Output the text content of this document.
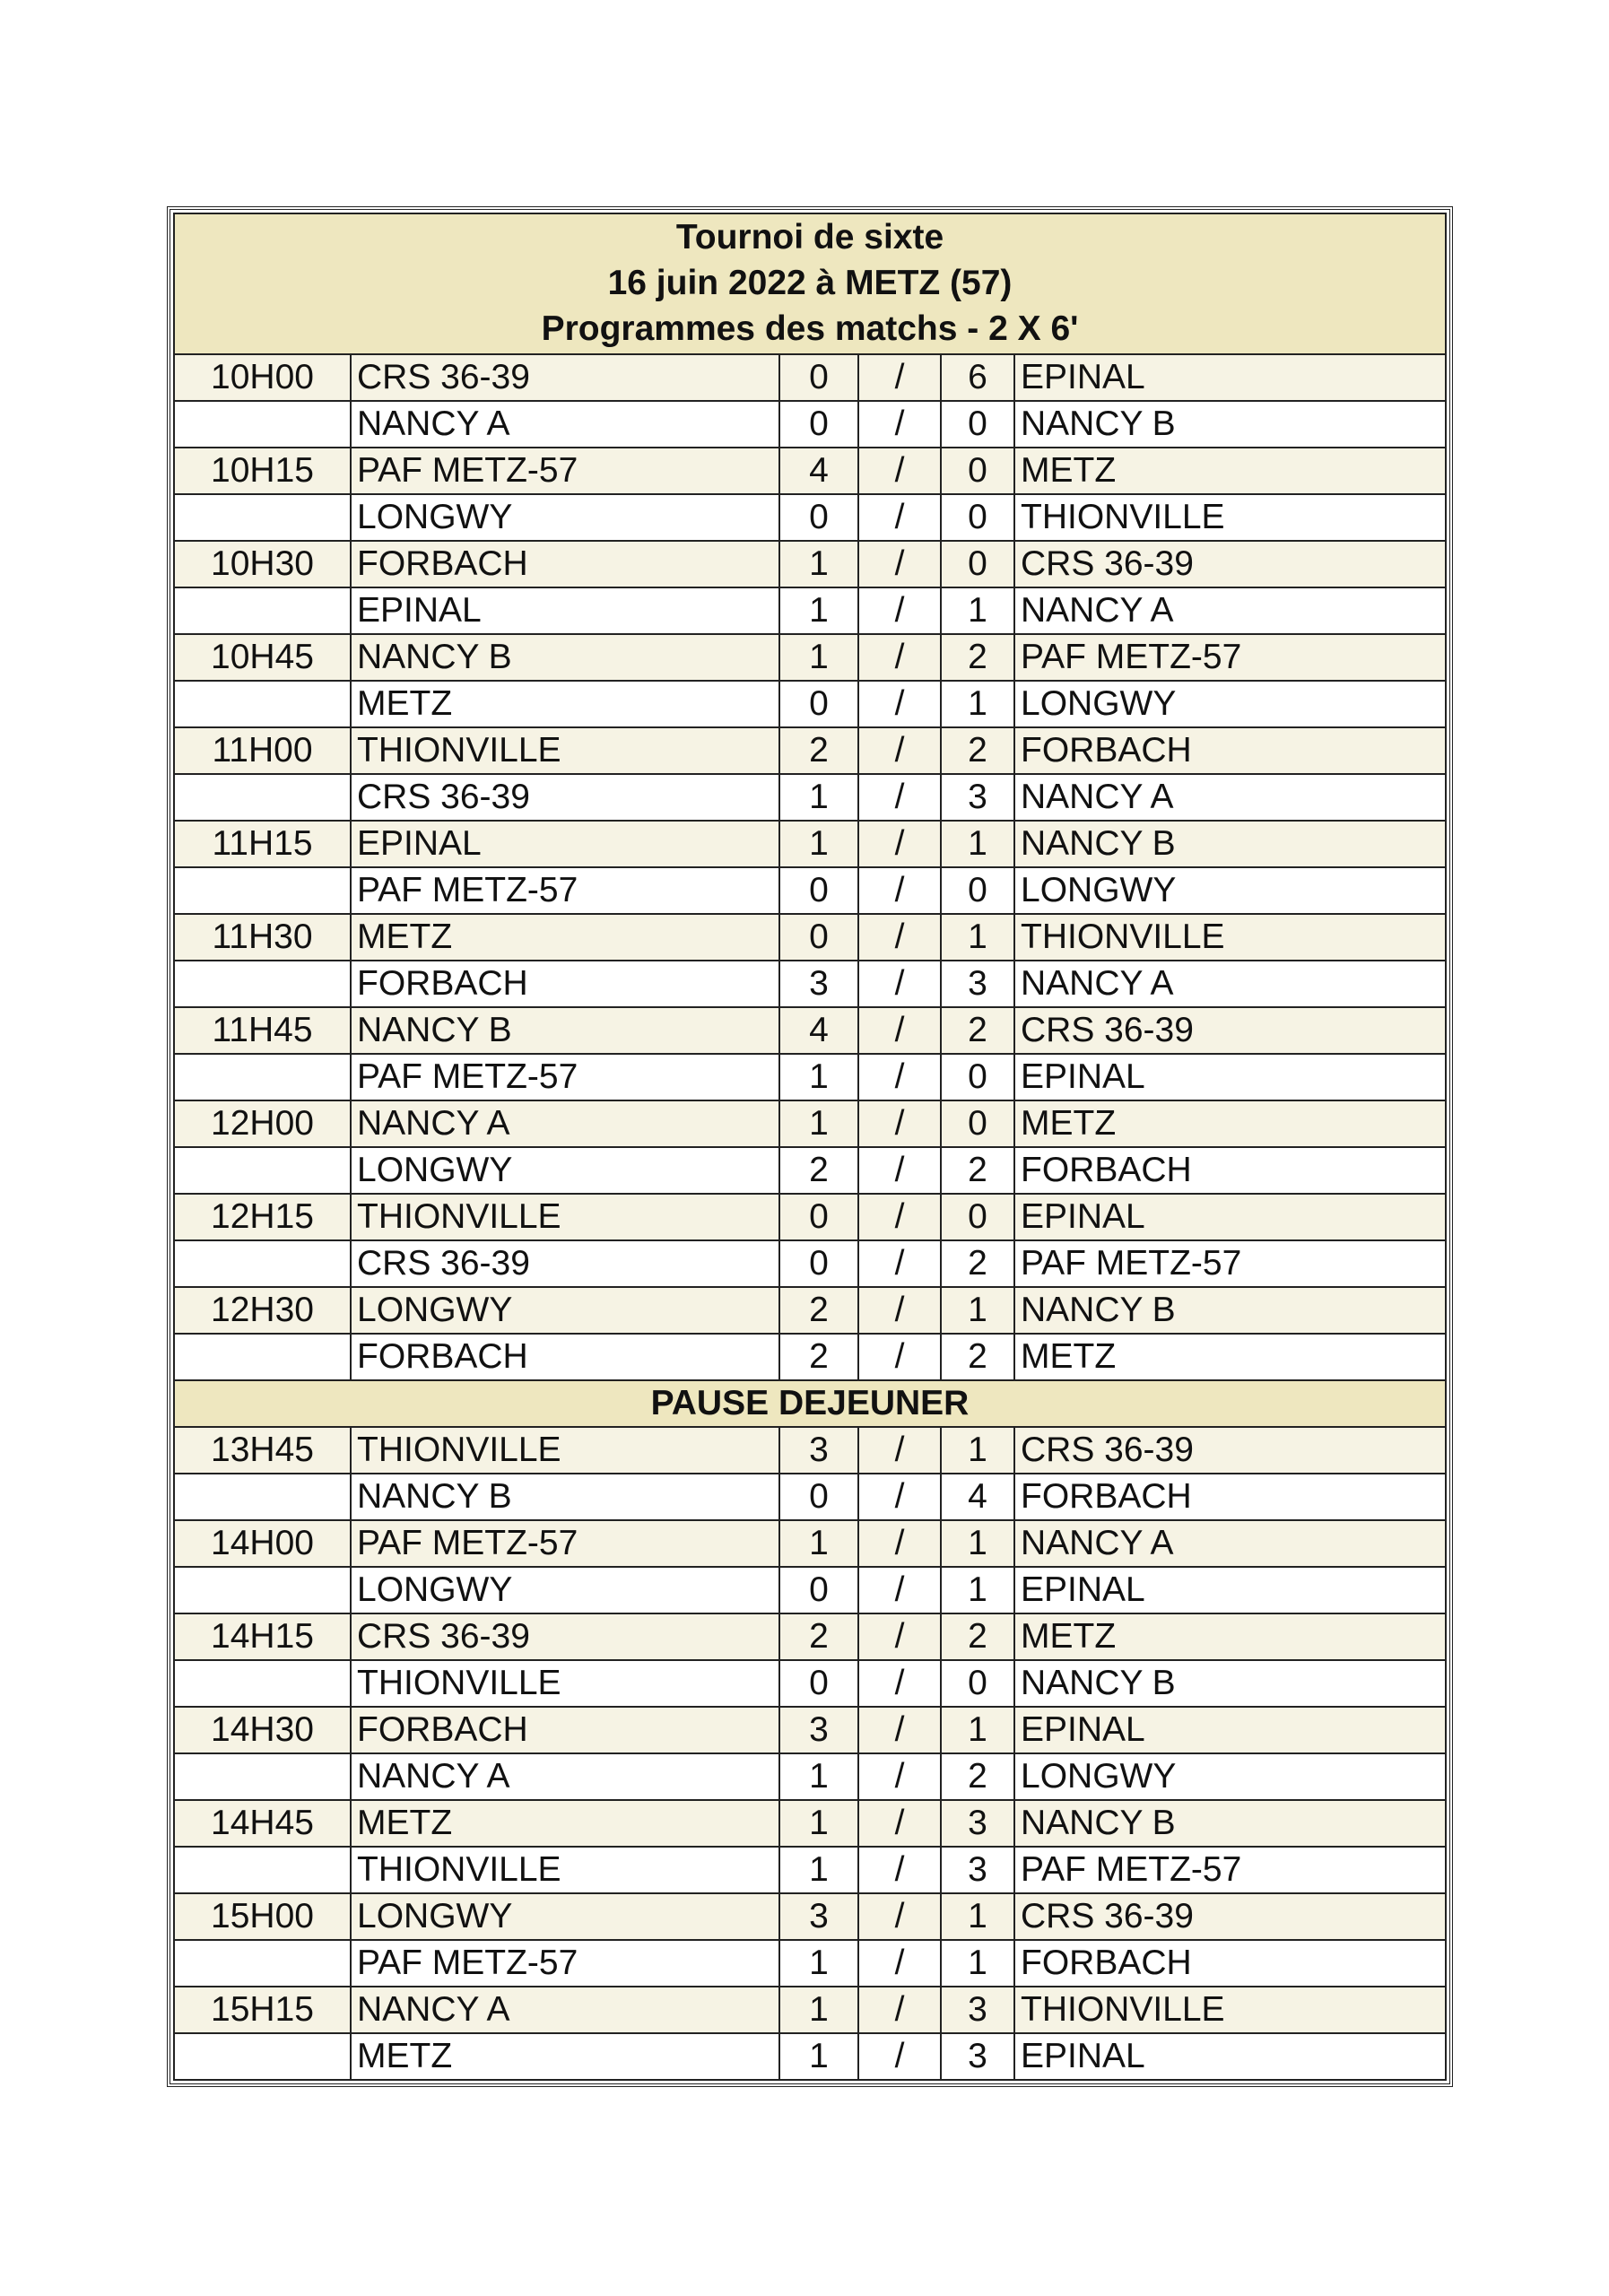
Tournoi de sixte
16 juin 2022 à METZ (57)
Programmes des matchs - 2 X 6'					

10H00	CRS 36-39	0	/	6	EPINAL
	NANCY A	0	/	0	NANCY B
10H15	PAF METZ-57	4	/	0	METZ
	LONGWY	0	/	0	THIONVILLE
10H30	FORBACH	1	/	0	CRS 36-39
	EPINAL	1	/	1	NANCY A
10H45	NANCY B	1	/	2	PAF METZ-57
	METZ	0	/	1	LONGWY
11H00	THIONVILLE	2	/	2	FORBACH
	CRS 36-39	1	/	3	NANCY A
11H15	EPINAL	1	/	1	NANCY B
	PAF METZ-57	0	/	0	LONGWY
11H30	METZ	0	/	1	THIONVILLE
	FORBACH	3	/	3	NANCY A
11H45	NANCY B	4	/	2	CRS 36-39
	PAF METZ-57	1	/	0	EPINAL
12H00	NANCY A	1	/	0	METZ
	LONGWY	2	/	2	FORBACH
12H15	THIONVILLE	0	/	0	EPINAL
	CRS 36-39	0	/	2	PAF METZ-57
12H30	LONGWY	2	/	1	NANCY B
	FORBACH	2	/	2	METZ
PAUSE DEJEUNER					
13H45	THIONVILLE	3	/	1	CRS 36-39
	NANCY B	0	/	4	FORBACH
14H00	PAF METZ-57	1	/	1	NANCY A
	LONGWY	0	/	1	EPINAL
14H15	CRS 36-39	2	/	2	METZ
	THIONVILLE	0	/	0	NANCY B
14H30	FORBACH	3	/	1	EPINAL
	NANCY A	1	/	2	LONGWY
14H45	METZ	1	/	3	NANCY B
	THIONVILLE	1	/	3	PAF METZ-57
15H00	LONGWY	3	/	1	CRS 36-39
	PAF METZ-57	1	/	1	FORBACH
15H15	NANCY A	1	/	3	THIONVILLE
	METZ	1	/	3	EPINAL
